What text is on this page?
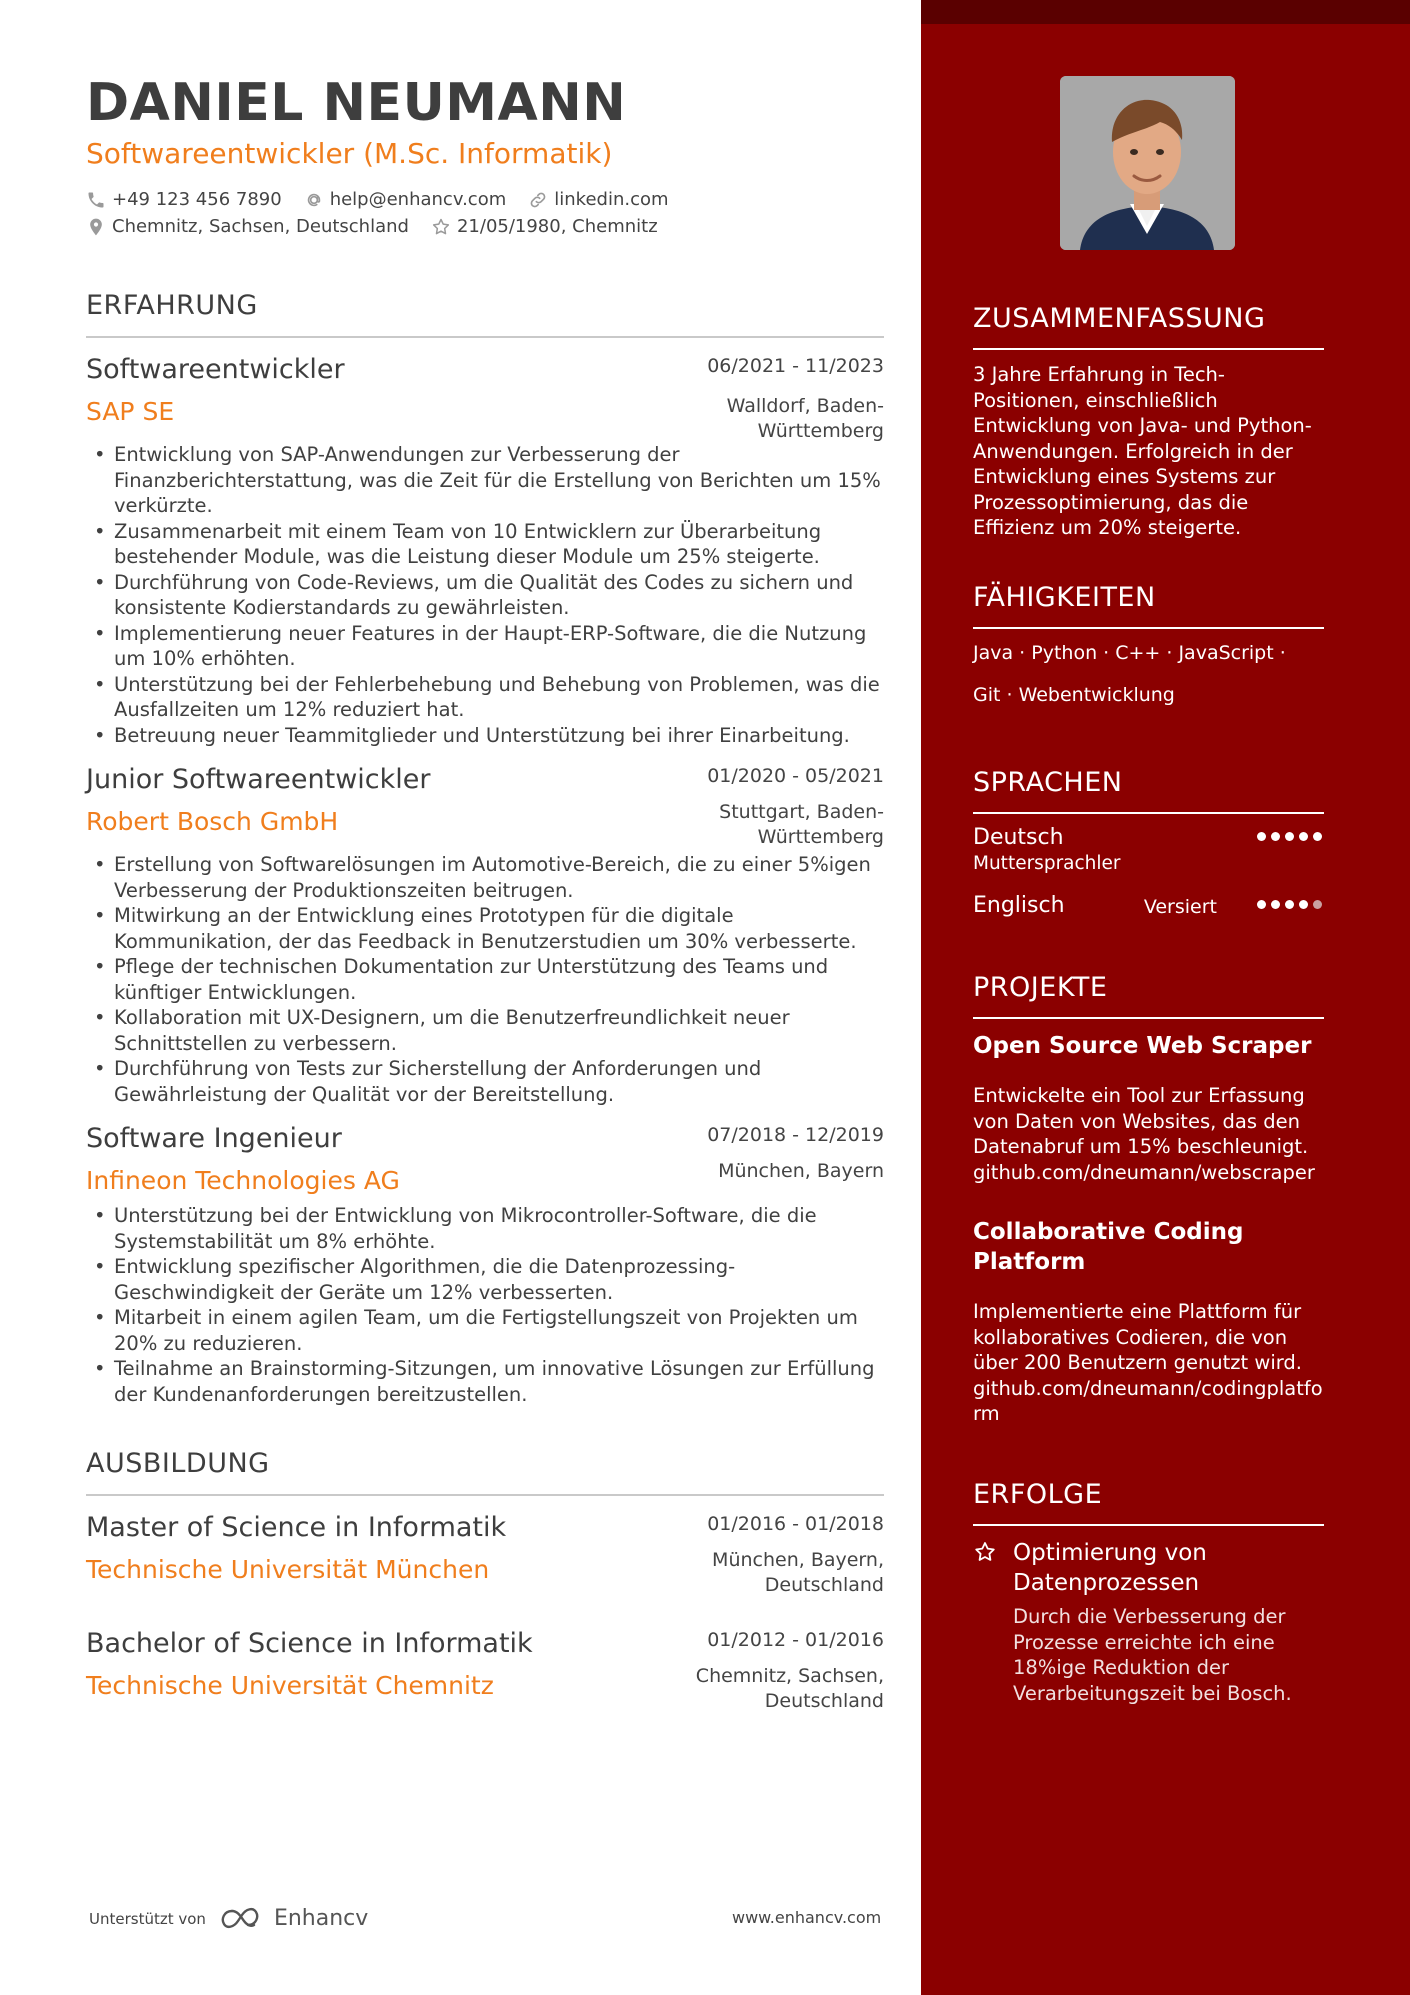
DANIEL NEUMANN
Softwareentwickler (M.Sc. Informatik)
+49 123 456 7890	help@enhancv.com	linkedin.com
Chemnitz, Sachsen, Deutschland	21/05/1980, Chemnitz
ERFAHRUNG
Softwareentwickler	06/2021 - 11/2023
Walldorf, Baden-Württemberg
SAP SE
• Entwicklung von SAP-Anwendungen zur Verbesserung der Finanzberichterstattung, was die Zeit für die Erstellung von Berichten um 15% verkürzte.
• Zusammenarbeit mit einem Team von 10 Entwicklern zur Überarbeitung bestehender Module, was die Leistung dieser Module um 25% steigerte.
• Durchführung von Code-Reviews, um die Qualität des Codes zu sichern und konsistente Kodierstandards zu gewährleisten.
• Implementierung neuer Features in der Haupt-ERP-Software, die die Nutzung um 10% erhöhten.
• Unterstützung bei der Fehlerbehebung und Behebung von Problemen, was die Ausfallzeiten um 12% reduziert hat.
• Betreuung neuer Teammitglieder und Unterstützung bei ihrer Einarbeitung.
Junior Softwareentwickler	01/2020 - 05/2021
Stuttgart, Baden-Württemberg
Robert Bosch GmbH
• Erstellung von Softwarelösungen im Automotive-Bereich, die zu einer 5%igen Verbesserung der Produktionszeiten beitrugen.
• Mitwirkung an der Entwicklung eines Prototypen für die digitale Kommunikation, der das Feedback in Benutzerstudien um 30% verbesserte.
• Pflege der technischen Dokumentation zur Unterstützung des Teams und künftiger Entwicklungen.
• Kollaboration mit UX-Designern, um die Benutzerfreundlichkeit neuer Schnittstellen zu verbessern.
• Durchführung von Tests zur Sicherstellung der Anforderungen und Gewährleistung der Qualität vor der Bereitstellung.
Software Ingenieur	07/2018 - 12/2019
München, Bayern
Infineon Technologies AG
• Unterstützung bei der Entwicklung von Mikrocontroller-Software, die die Systemstabilität um 8% erhöhte.
• Entwicklung spezifischer Algorithmen, die die Datenprozessing-Geschwindigkeit der Geräte um 12% verbesserten.
• Mitarbeit in einem agilen Team, um die Fertigstellungszeit von Projekten um 20% zu reduzieren.
• Teilnahme an Brainstorming-Sitzungen, um innovative Lösungen zur Erfüllung der Kundenanforderungen bereitzustellen.
AUSBILDUNG
Master of Science in Informatik	01/2016 - 01/2018
München, Bayern, Deutschland
Technische Universität München
Bachelor of Science in Informatik	01/2012 - 01/2016
Chemnitz, Sachsen, Deutschland
Technische Universität Chemnitz
Unterstützt von	Enhancv	www.enhancv.com
ZUSAMMENFASSUNG
3 Jahre Erfahrung in Tech-Positionen, einschließlich Entwicklung von Java- und Python-Anwendungen. Erfolgreich in der Entwicklung eines Systems zur Prozessoptimierung, das die Effizienz um 20% steigerte.
FÄHIGKEITEN
Java · Python · C++ · JavaScript ·
Git · Webentwicklung
SPRACHEN
Deutsch
Muttersprachler
Englisch	Versiert
PROJEKTE
Open Source Web Scraper
Entwickelte ein Tool zur Erfassung von Daten von Websites, das den Datenabruf um 15% beschleunigt.
github.com/dneumann/webscraper
Collaborative Coding Platform
Implementierte eine Plattform für kollaboratives Codieren, die von über 200 Benutzern genutzt wird.
github.com/dneumann/codingplatform
ERFOLGE
Optimierung von Datenprozessen
Durch die Verbesserung der Prozesse erreichte ich eine 18%ige Reduktion der Verarbeitungszeit bei Bosch.
